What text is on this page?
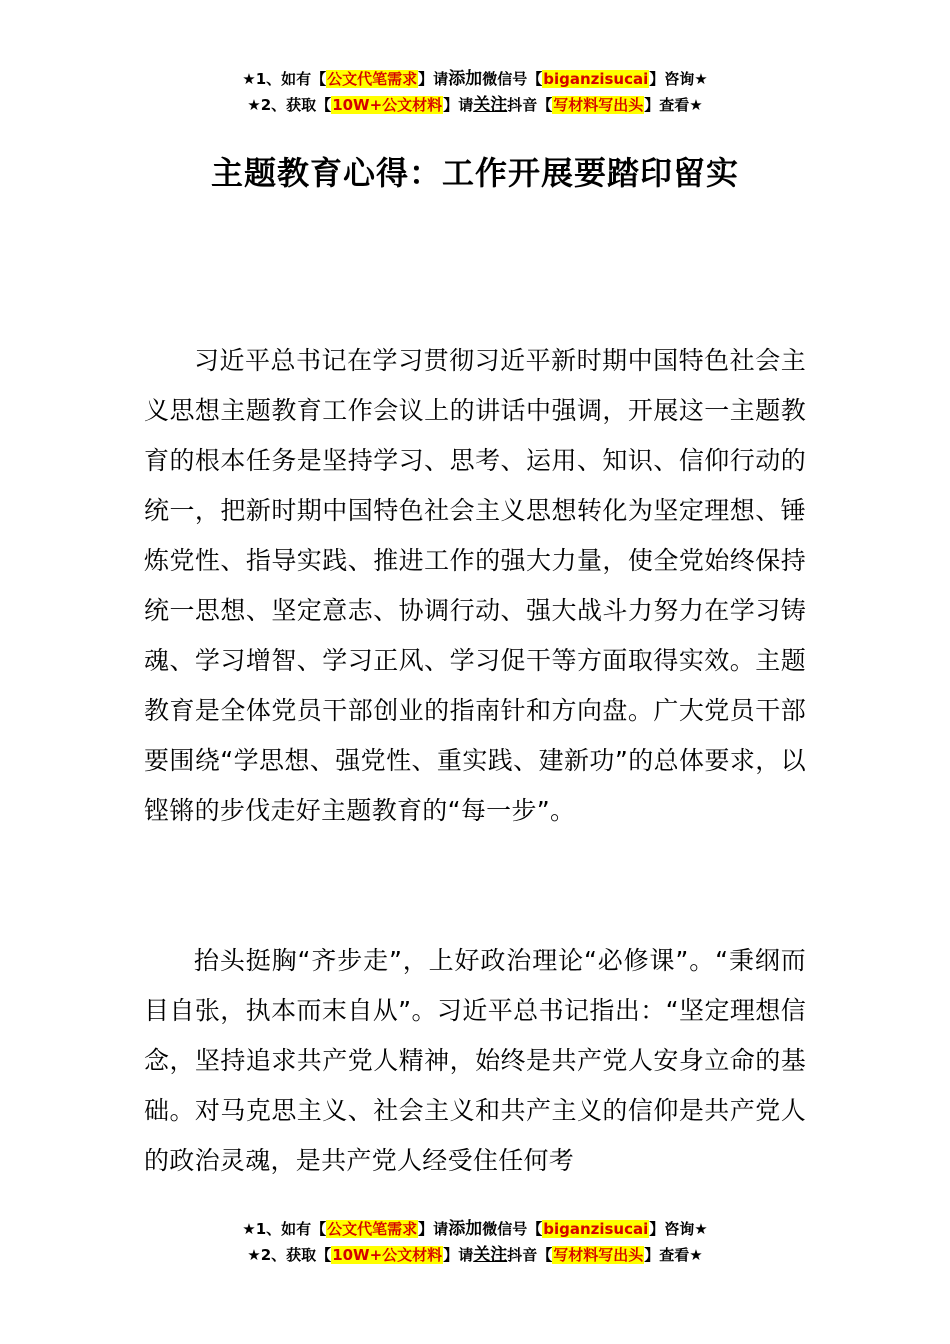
★1、如有【公文代笔需求】请添加微信号【biganzisucai】咨询★
★2、获取【10W+公文材料】请关注抖音【写材料写出头】查看★
主题教育心得：工作开展要踏印留实

习近平总书记在学习贯彻习近平新时期中国特色社会主义思想主题教育工作会议上的讲话中强调，开展这一主题教育的根本任务是坚持学习、思考、运用、知识、信仰行动的统一，把新时期中国特色社会主义思想转化为坚定理想、锤炼党性、指导实践、推进工作的强大力量，使全党始终保持统一思想、坚定意志、协调行动、强大战斗力努力在学习铸魂、学习增智、学习正风、学习促干等方面取得实效。主题教育是全体党员干部创业的指南针和方向盘。广大党员干部要围绕“学思想、强党性、重实践、建新功”的总体要求，以铿锵的步伐走好主题教育的“每一步”。

抬头挺胸“齐步走”，上好政治理论“必修课”。“秉纲而目自张，执本而末自从”。习近平总书记指出：“坚定理想信念，坚持追求共产党人精神，始终是共产党人安身立命的基础。对马克思主义、社会主义和共产主义的信仰是共产党人的政治灵魂，是共产党人经受住任何考

★1、如有【公文代笔需求】请添加微信号【biganzisucai】咨询★
★2、获取【10W+公文材料】请关注抖音【写材料写出头】查看★
